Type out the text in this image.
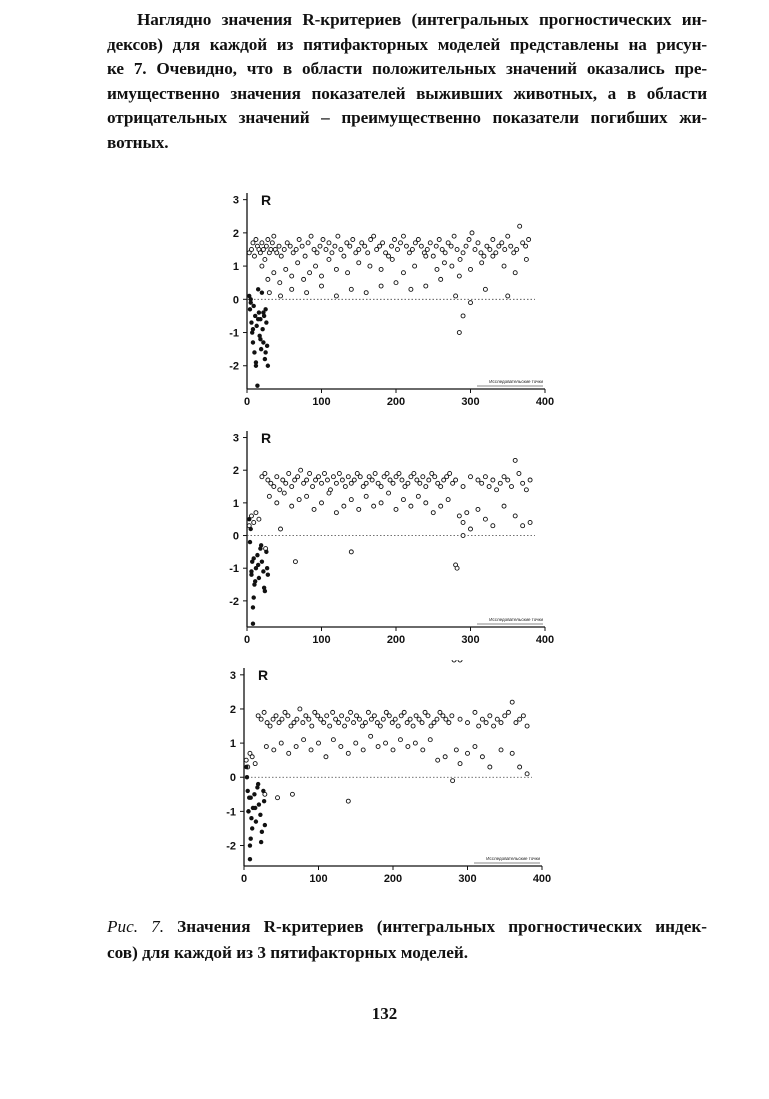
Наглядно значения R-критериев (интегральных прогностических ин-
дексов) для каждой из пятифакторных моделей представлены на рисун-
ке 7. Очевидно, что в области положительных значений оказались пре-
имущественно значения показателей выживших животных, а в области
отрицательных значений – преимущественно показатели погибших жи-
вотных.
3
2
1
0
-1
-2
0	100	200	300	400
R
Исследовательские точки
3
2
1
0
-1
-2
0	100	200	300	400
R
Исследовательские точки
3
2
1
0
-1
-2
0	100	200	300	400
R
Исследовательские точки
Рис. 7. Значения R-критериев (интегральных прогностических индек-
сов) для каждой из 3 пятифакторных моделей.
132
